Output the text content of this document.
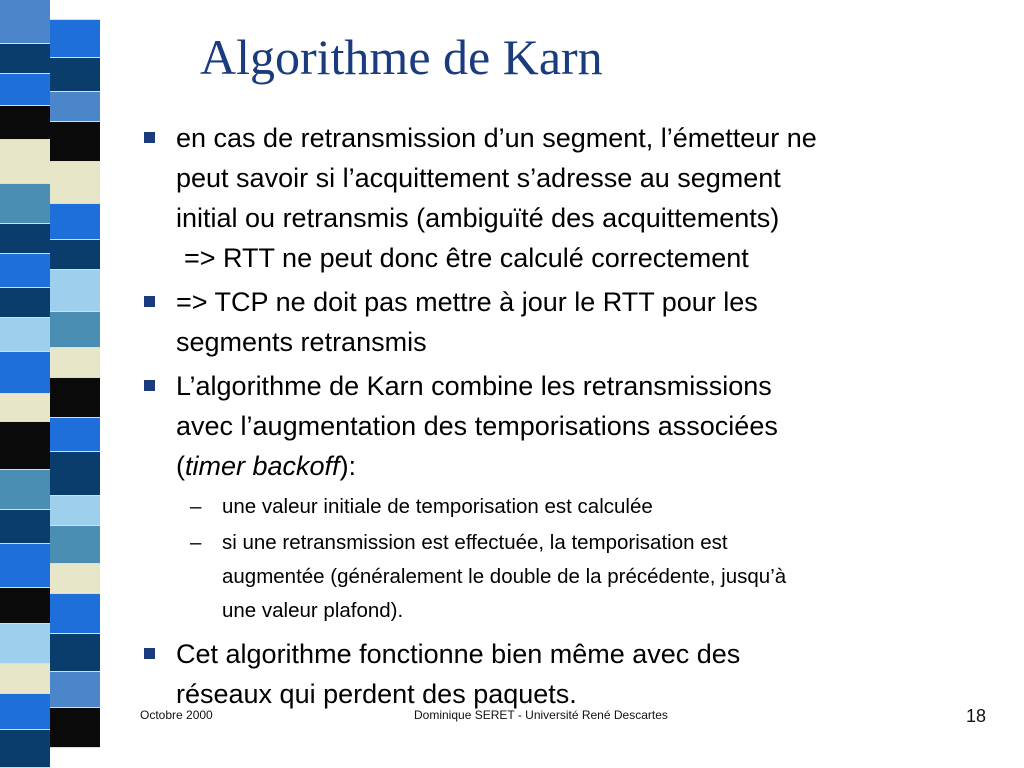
Algorithme de Karn
en cas de retransmission d’un segment, l’émetteur ne
peut savoir si l’acquittement s’adresse au segment
initial ou retransmis (ambiguïté des acquittements)
=> RTT ne peut donc être calculé correctement
=> TCP ne doit pas mettre à jour le RTT pour les
segments retransmis
L’algorithme de Karn combine les retransmissions
avec l’augmentation des temporisations associées
(timer backoff):
– une valeur initiale de temporisation est calculée
– si une retransmission est effectuée, la temporisation est
augmentée (généralement le double de la précédente, jusqu’à
une valeur plafond).
Cet algorithme fonctionne bien même avec des
réseaux qui perdent des paquets.
Octobre 2000	Dominique SERET - Université René Descartes	18
